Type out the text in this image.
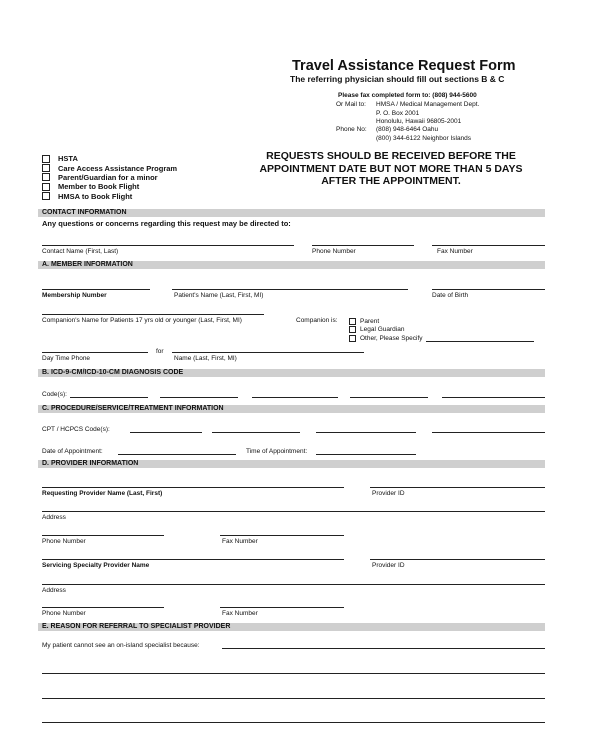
Travel Assistance Request Form
The referring physician should fill out sections B & C
Please fax completed form to: (808) 944-5600
Or Mail to:	HMSA / Medical Management Dept.
P. O. Box 2001
Honolulu, Hawaii 96805-2001
Phone No: (808) 948-6464 Oahu
(800) 344-6122 Neighbor Islands
HSTA
Care Access Assistance Program
Parent/Guardian for a minor
Member to Book Flight
HMSA to Book Flight
REQUESTS SHOULD BE RECEIVED BEFORE THE
APPOINTMENT DATE BUT NOT MORE THAN 5 DAYS
AFTER THE APPOINTMENT.
CONTACT INFORMATION
Any questions or concerns regarding this request may be directed to:
Contact Name (First, Last)	Phone Number	Fax Number
A. MEMBER INFORMATION
Membership Number	Patient's Name (Last, First, MI)	Date of Birth
Companion's Name for Patients 17 yrs old or younger (Last, First, MI)	Companion is:	Parent
Legal Guardian
Other, Please Specify
for
Day Time Phone	Name (Last, First, MI)
B. ICD-9-CM/ICD-10-CM DIAGNOSIS CODE
Code(s):
C. PROCEDURE/SERVICE/TREATMENT INFORMATION
CPT / HCPCS Code(s):
Date of Appointment:	Time of Appointment:
D. PROVIDER INFORMATION
Requesting Provider Name (Last, First)	Provider ID
Address
Phone Number	Fax Number
Servicing Specialty Provider Name	Provider ID
Address
Phone Number	Fax Number
E. REASON FOR REFERRAL TO SPECIALIST PROVIDER
My patient cannot see an on-island specialist because:
